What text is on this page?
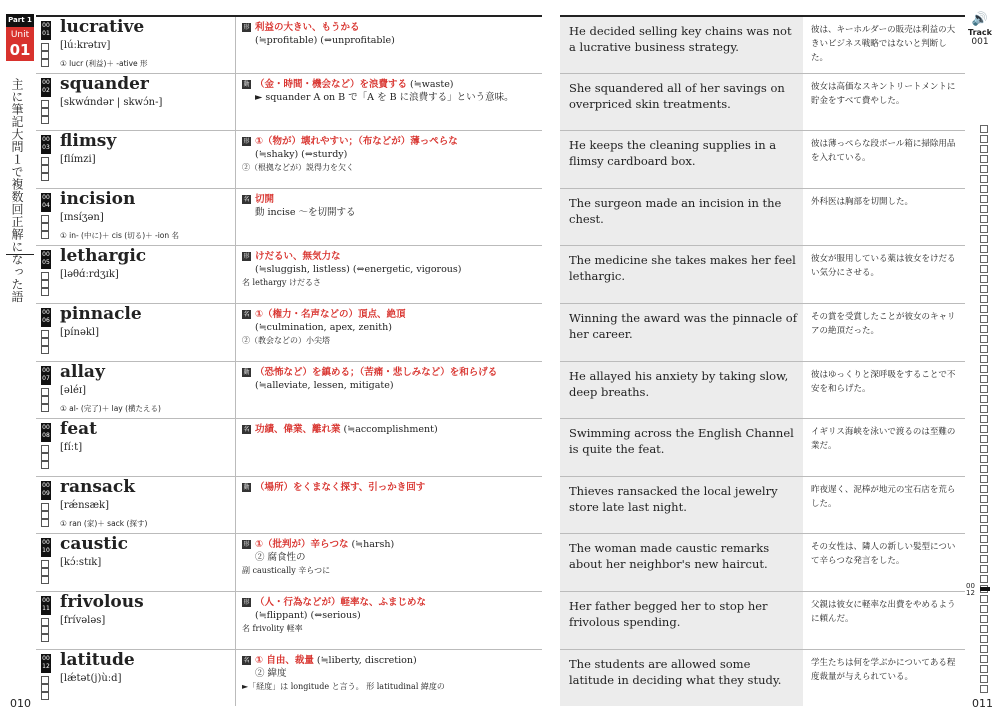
Part 1
Unit
01
主に筆記大問１で複数回正解になった語
010
00
01 lucrative
[lúːkrətɪv]
① lucr (利益)＋ -ative 形
形 利益の大きい、もうかる
(≒profitable) (⇔unprofitable)
00
02 squander
[skwɑ́ndər | skwɔ́n-]
動 （金・時間・機会など）を浪費する (≒waste)
► squander A on B で「A を B に浪費する」という意味。
00
03 flimsy
[flímzi]
形 ①（物が）壊れやすい；（布などが）薄っぺらな
(≒shaky) (⇔sturdy)
②（根拠などが）説得力を欠く
00
04 incision
[ɪnsíʒən]
① in- (中に)＋ cis (切る)＋ -ion 名
名 切開
動 incise ～を切開する
00
05 lethargic
[ləθɑ́ːrdʒɪk]
形 けだるい、無気力な
(≒sluggish, listless) (⇔energetic, vigorous)
名 lethargy けだるさ
00
06 pinnacle
[pínəkl]
名 ①（権力・名声などの）頂点、絶頂
(≒culmination, apex, zenith)
②（教会などの）小尖塔
00
07 allay
[əléɪ]
① al- (完了)＋ lay (横たえる)
動 （恐怖など）を鎮める；（苦痛・悲しみなど）を和らげる
(≒alleviate, lessen, mitigate)
00
08 feat
[fíːt]
名 功績、偉業、離れ業 (≒accomplishment)
00
09 ransack
[rǽnsæk]
① ran (家)＋ sack (探す)
動 （場所）をくまなく探す、引っかき回す
00
10 caustic
[kɔ́ːstɪk]
形 ①（批判が）辛らつな (≒harsh)
② 腐食性の
副 caustically 辛らつに
00
11 frivolous
[frívələs]
形 （人・行為などが）軽率な、ふまじめな
(≒flippant) (⇔serious)
名 frivolity 軽率
00
12 latitude
[lǽtət(j)ùːd]
名 ① 自由、裁量 (≒liberty, discretion)
② 緯度
►「経度」は longitude と言う。 形 latitudinal 緯度の
He decided selling key chains was not a lucrative business strategy.
彼は、キーホルダーの販売は利益の大きいビジネス戦略ではないと判断した。
She squandered all of her savings on overpriced skin treatments.
彼女は高価なスキントリートメントに貯金をすべて費やした。
He keeps the cleaning supplies in a flimsy cardboard box.
彼は薄っぺらな段ボール箱に掃除用品を入れている。
The surgeon made an incision in the chest.
外科医は胸部を切開した。
The medicine she takes makes her feel lethargic.
彼女が服用している薬は彼女をけだるい気分にさせる。
Winning the award was the pinnacle of her career.
その賞を受賞したことが彼女のキャリアの絶頂だった。
He allayed his anxiety by taking slow, deep breaths.
彼はゆっくりと深呼吸をすることで不安を和らげた。
Swimming across the English Channel is quite the feat.
イギリス海峡を泳いで渡るのは至難の業だ。
Thieves ransacked the local jewelry store late last night.
昨夜遅く、泥棒が地元の宝石店を荒らした。
The woman made caustic remarks about her neighbor's new haircut.
その女性は、隣人の新しい髪型について辛らつな発言をした。
Her father begged her to stop her frivolous spending.
父親は彼女に軽率な出費をやめるように頼んだ。
The students are allowed some latitude in deciding what they study.
学生たちは何を学ぶかについてある程度裁量が与えられている。
🔊
Track
001
00
12
011
